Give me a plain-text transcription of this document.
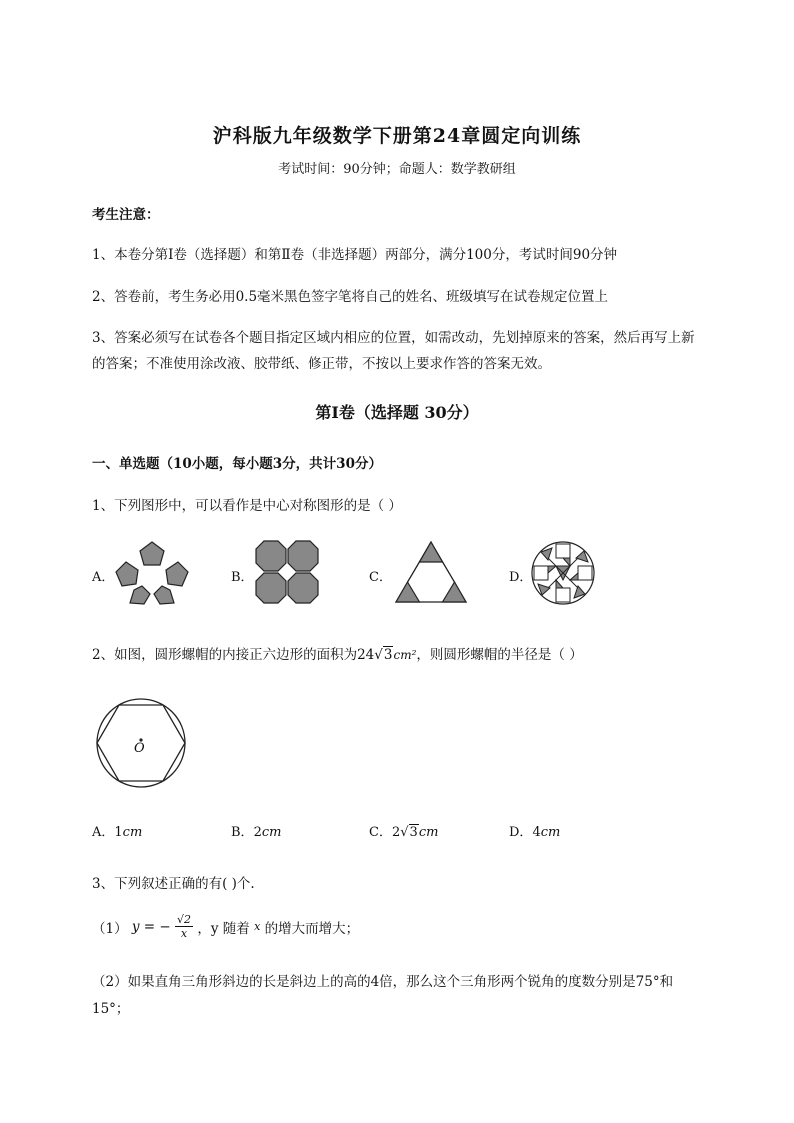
沪科版九年级数学下册第24章圆定向训练
考试时间：90分钟；命题人：数学教研组
考生注意：
1、本卷分第I卷（选择题）和第Ⅱ卷（非选择题）两部分，满分100分，考试时间90分钟
2、答卷前，考生务必用0.5毫米黑色签字笔将自己的姓名、班级填写在试卷规定位置上
3、答案必须写在试卷各个题目指定区域内相应的位置，如需改动，先划掉原来的答案，然后再写上新
的答案；不准使用涂改液、胶带纸、修正带，不按以上要求作答的答案无效。
第I卷（选择题 30分）
一、单选题（10小题，每小题3分，共计30分）
1、下列图形中，可以看作是中心对称图形的是（ ）
A．	B．	C．	D．
2、如图，圆形螺帽的内接正六边形的面积为24√3cm²，则圆形螺帽的半径是（ ）
O
A．1cm	B．2cm	C．2√3cm	D．4cm
3、下列叙述正确的有( )个.
（1） y = − $\frac{√2}{x}$ ，y 随着 x 的增大而增大；
（2）如果直角三角形斜边的长是斜边上的高的4倍，那么这个三角形两个锐角的度数分别是75°和
15°；
